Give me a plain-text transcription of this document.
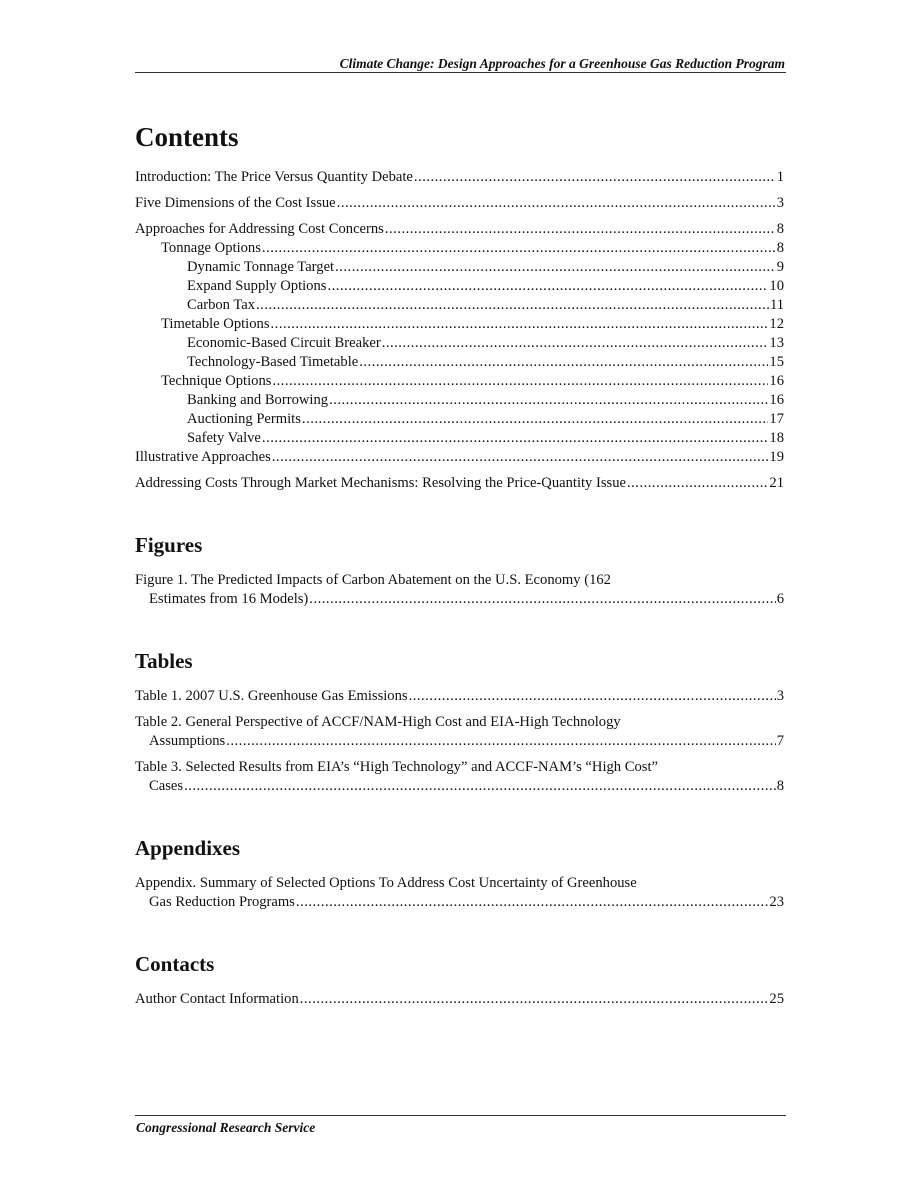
Climate Change: Design Approaches for a Greenhouse Gas Reduction Program
Contents
Introduction: The Price Versus Quantity Debate .....	1
Five Dimensions of the Cost Issue .....	3
Approaches for Addressing Cost Concerns .....	8
Tonnage Options .....	8
Dynamic Tonnage Target .....	9
Expand Supply Options .....	10
Carbon Tax .....	11
Timetable Options .....	12
Economic-Based Circuit Breaker .....	13
Technology-Based Timetable .....	15
Technique Options .....	16
Banking and Borrowing .....	16
Auctioning Permits .....	17
Safety Valve .....	18
Illustrative Approaches .....	19
Addressing Costs Through Market Mechanisms: Resolving the Price-Quantity Issue .....	21
Figures
Figure 1. The Predicted Impacts of Carbon Abatement on the U.S. Economy (162
Estimates from 16 Models) .....	6
Tables
Table 1. 2007 U.S. Greenhouse Gas Emissions .....	3
Table 2. General Perspective of ACCF/NAM-High Cost and EIA-High Technology
Assumptions .....	7
Table 3. Selected Results from EIA’s “High Technology” and ACCF-NAM’s “High Cost”
Cases .....	8
Appendixes
Appendix. Summary of Selected Options To Address Cost Uncertainty of Greenhouse
Gas Reduction Programs .....	23
Contacts
Author Contact Information .....	25
Congressional Research Service
